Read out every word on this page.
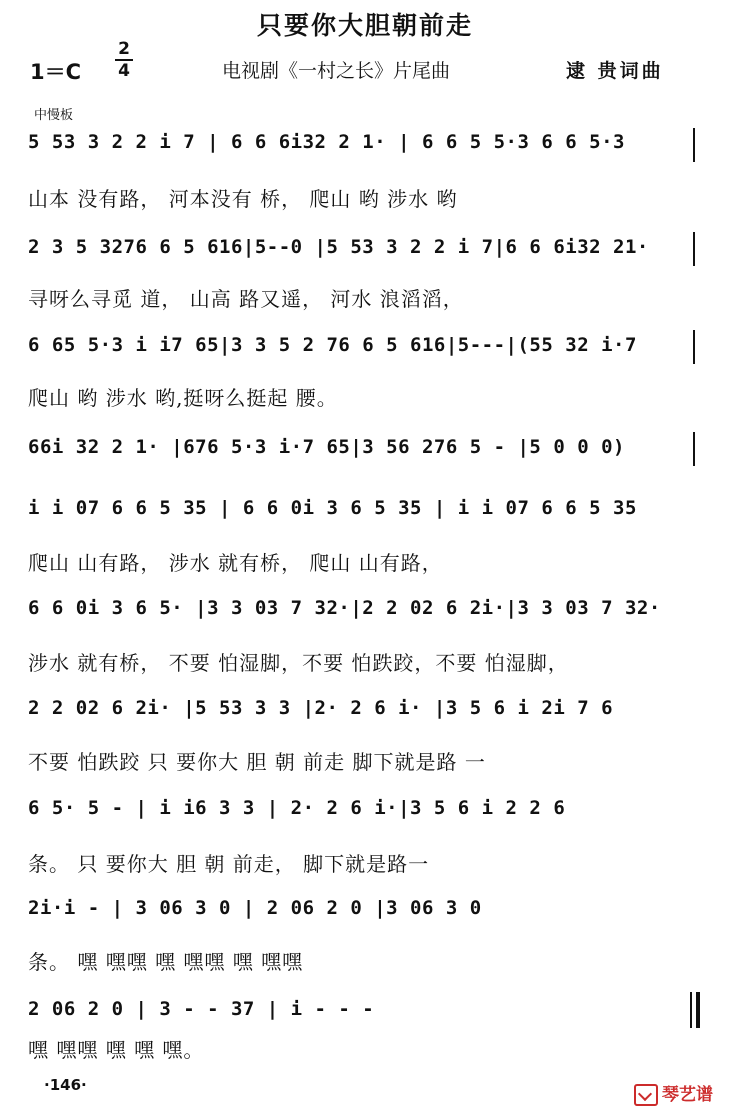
只要你大胆朝前走
1＝C
2
4	电视剧《一村之长》片尾曲	逮 贵词曲
中慢板
5 53 3 2 2 i 7 | 6 6 6i32 2 1· | 6 6 5 5·3 6 6 5·3
山本 没有路， 河本没有 桥， 爬山 哟 涉水 哟
2 3 5 3276 6 5 616|5--0 |5 53 3 2 2 i 7|6 6 6i32 21·
寻呀么寻觅 道， 山高 路又遥， 河水 浪滔滔，
6 65 5·3 i i7 65|3 3 5 2 76 6 5 616|5---|(55 32 i·7
爬山 哟 涉水 哟,挺呀么挺起 腰。
66i 32 2 1· |676 5·3 i·7 65|3 56 276 5 - |5 0 0 0)
i i 07 6 6 5 35 | 6 6 0i 3 6 5 35 | i i 07 6 6 5 35
爬山 山有路， 涉水 就有桥， 爬山 山有路，
6 6 0i 3 6 5· |3 3 03 7 32·|2 2 02 6 2i·|3 3 03 7 32·
涉水 就有桥， 不要 怕湿脚，不要 怕跌跤，不要 怕湿脚，
2 2 02 6 2i· |5 53 3 3 |2· 2 6 i· |3 5 6 i 2i 7 6
不要 怕跌跤 只 要你大 胆 朝 前走 脚下就是路 一
6 5· 5 - | i i6 3 3 | 2· 2 6 i·|3 5 6 i 2 2 6
条。 只 要你大 胆 朝 前走， 脚下就是路一
2i·i - | 3 06 3 0 | 2 06 2 0 |3 06 3 0
条。 嘿 嘿嘿 嘿 嘿嘿 嘿 嘿嘿
2 06 2 0 | 3 - - 37 | i - - -
嘿 嘿嘿 嘿 嘿 嘿。
·146·	琴艺谱
